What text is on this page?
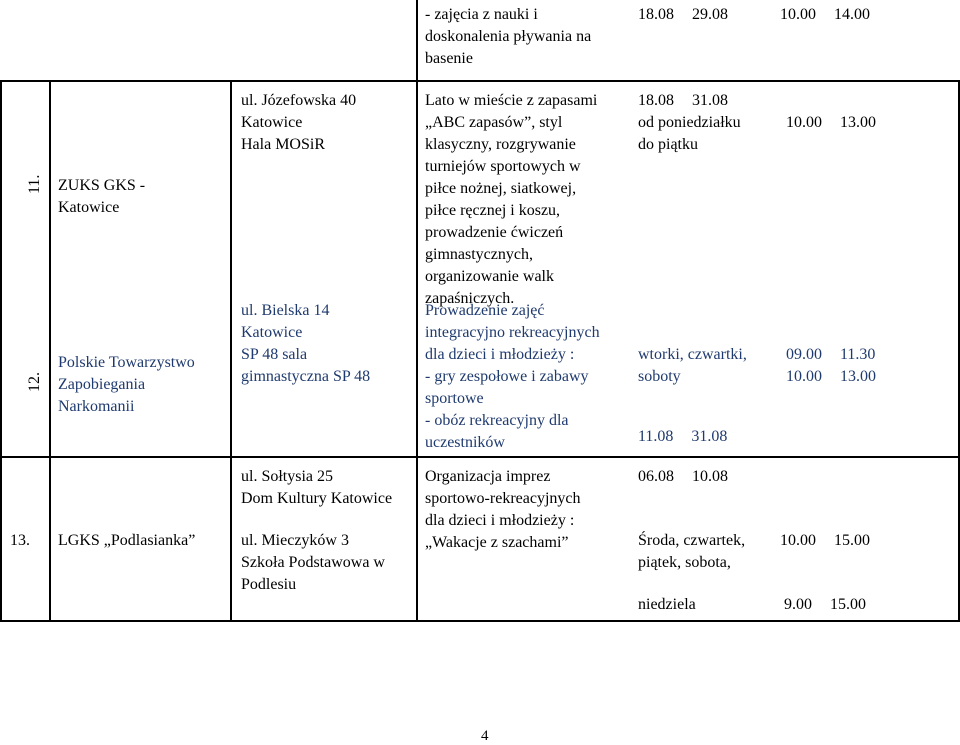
- zajęcia z nauki i
doskonalenia pływania na
basenie
18.08 29.08	10.00 14.00
11. ZUKS GKS -
Katowice
ul. Józefowska 40
Katowice
Hala MOSiR
Lato w mieście z zapasami
„ABC zapasów”, styl
klasyczny, rozgrywanie
turniejów sportowych w
piłce nożnej, siatkowej,
piłce ręcznej i koszu,
prowadzenie ćwiczeń
gimnastycznych,
organizowanie walk
zapaśniczych.
18.08 31.08
od poniedziałku
do piątku
10.00 13.00
12.
Polskie Towarzystwo
Zapobiegania
Narkomanii
ul. Bielska 14
Katowice
SP 48 sala
gimnastyczna SP 48
Prowadzenie zajęć
integracyjno rekreacyjnych
dla dzieci i młodzieży :
- gry zespołowe i zabawy
sportowe
- obóz rekreacyjny dla
uczestników
wtorki, czwartki,
soboty
11.08 31.08
09.00 11.30
10.00 13.00
13. LGKS „Podlasianka”
ul. Sołtysia 25
Dom Kultury Katowice
ul. Mieczyków 3
Szkoła Podstawowa w
Podlesiu
Organizacja imprez
sportowo-rekreacyjnych
dla dzieci i młodzieży :
„Wakacje z szachami”
06.08 10.08
Środa, czwartek,
piątek, sobota,
niedziela
10.00 15.00
9.00 15.00
4
